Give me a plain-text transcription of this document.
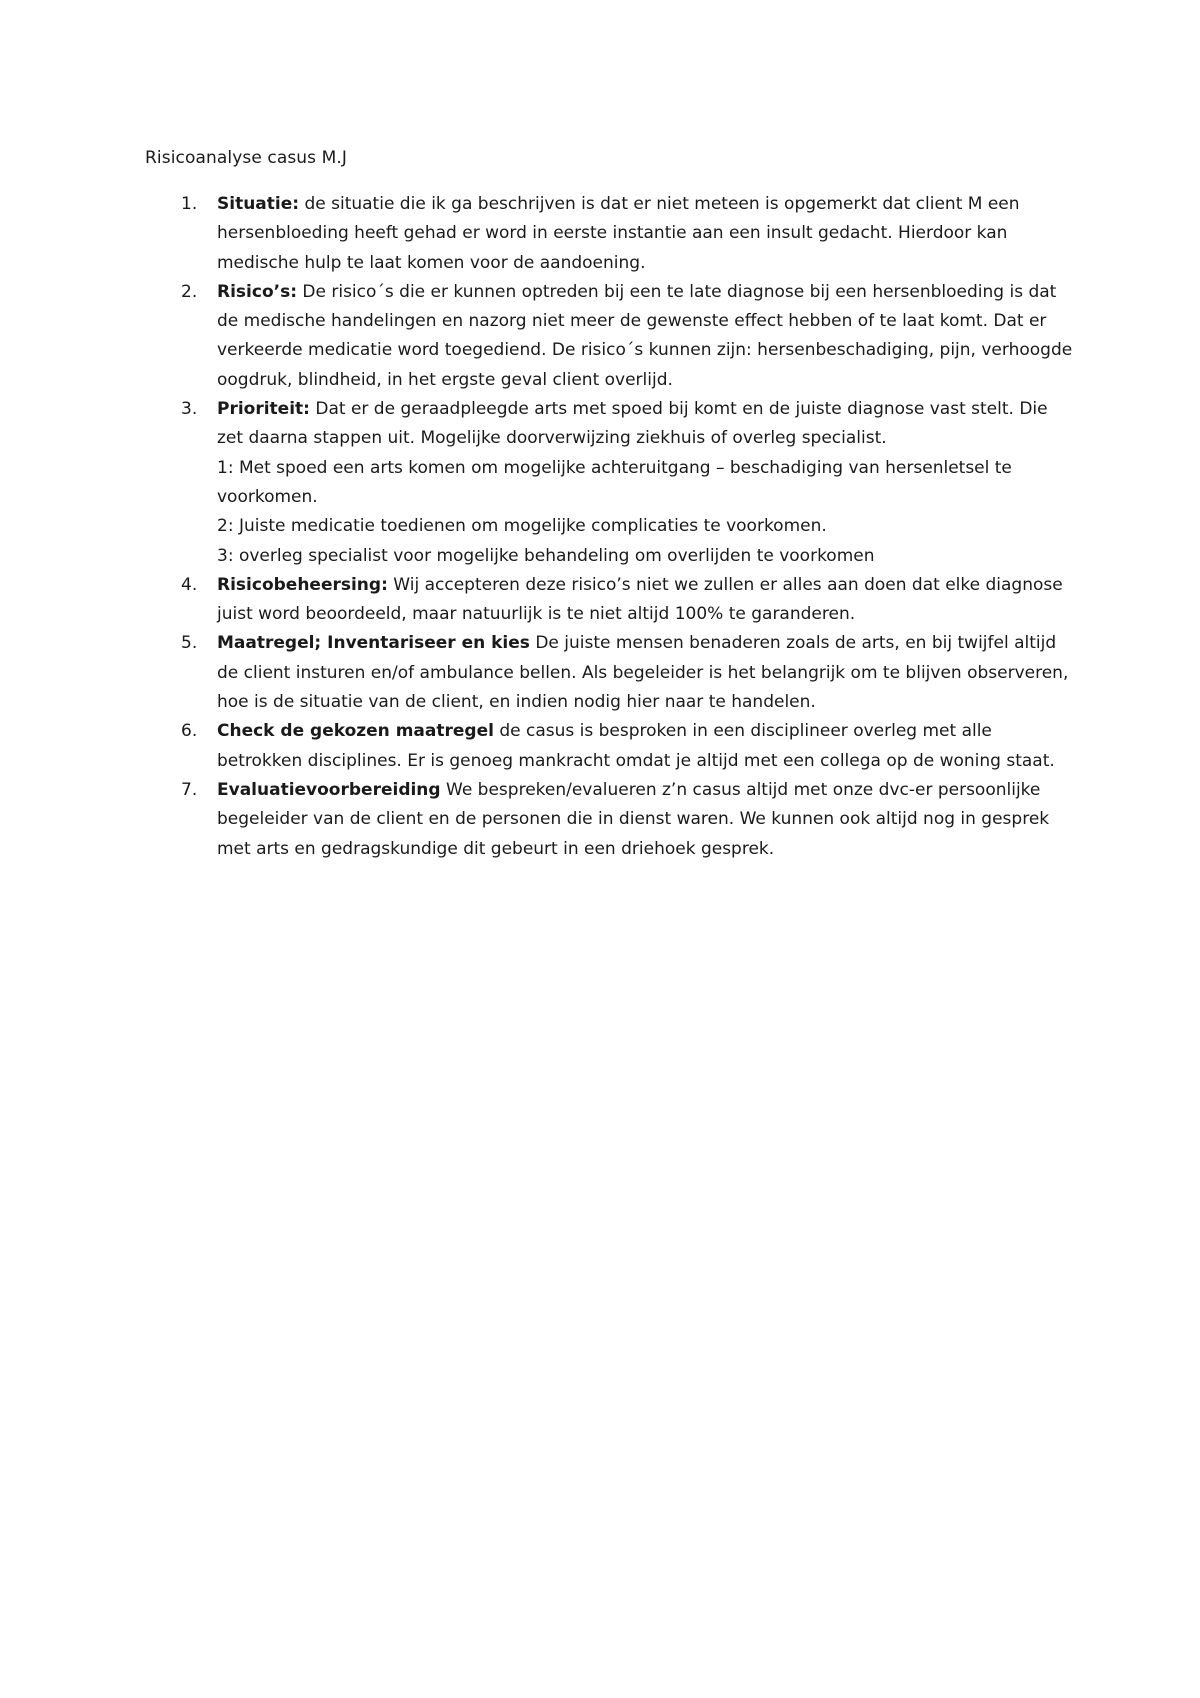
Risicoanalyse casus M.J
1.	Situatie: de situatie die ik ga beschrijven is dat er niet meteen is opgemerkt dat client M een hersenbloeding heeft gehad er word in eerste instantie aan een insult gedacht. Hierdoor kan medische hulp te laat komen voor de aandoening.
2.	Risico’s: De risico´s die er kunnen optreden bij een te late diagnose bij een hersenbloeding is dat de medische handelingen en nazorg niet meer de gewenste effect hebben of te laat komt. Dat er verkeerde medicatie word toegediend. De risico´s kunnen zijn: hersenbeschadiging, pijn, verhoogde oogdruk, blindheid, in het ergste geval client overlijd.
3.	Prioriteit: Dat er de geraadpleegde arts met spoed bij komt en de juiste diagnose vast stelt. Die zet daarna stappen uit. Mogelijke doorverwijzing ziekhuis of overleg specialist.
1: Met spoed een arts komen om mogelijke achteruitgang – beschadiging van hersenletsel te voorkomen.
2: Juiste medicatie toedienen om mogelijke complicaties te voorkomen.
3: overleg specialist voor mogelijke behandeling om overlijden te voorkomen
4.	Risicobeheersing: Wij accepteren deze risico’s niet we zullen er alles aan doen dat elke diagnose juist word beoordeeld, maar natuurlijk is te niet altijd 100% te garanderen.
5.	Maatregel; Inventariseer en kies De juiste mensen benaderen zoals de arts, en bij twijfel altijd de client insturen en/of ambulance bellen. Als begeleider is het belangrijk om te blijven observeren, hoe is de situatie van de client, en indien nodig hier naar te handelen.
6.	Check de gekozen maatregel de casus is besproken in een disciplineer overleg met alle betrokken disciplines. Er is genoeg mankracht omdat je altijd met een collega op de woning staat.
7.	Evaluatievoorbereiding We bespreken/evalueren z’n casus altijd met onze dvc-er persoonlijke begeleider van de client en de personen die in dienst waren. We kunnen ook altijd nog in gesprek met arts en gedragskundige dit gebeurt in een driehoek gesprek.
